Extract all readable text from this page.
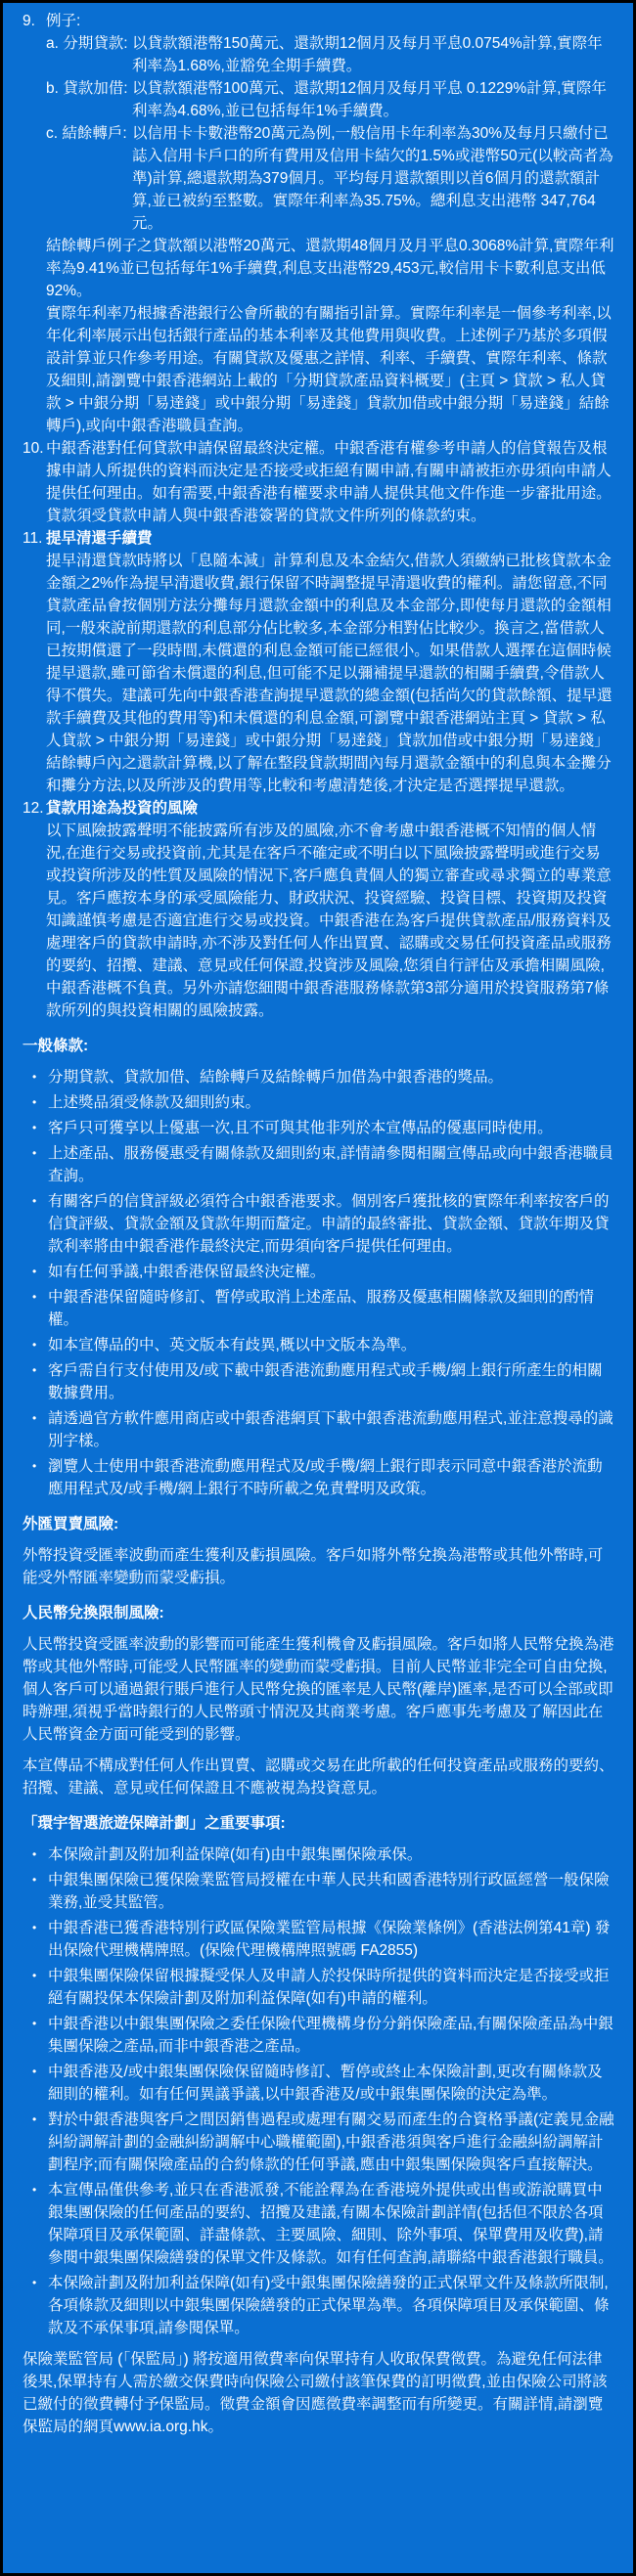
9. 例子:
a. 分期貸款: 以貸款額港幣150萬元、還款期12個月及每月平息0.0754%計算,實際年利率為1.68%,並豁免全期手續費。
b. 貸款加借: 以貸款額港幣100萬元、還款期12個月及每月平息 0.1229%計算,實際年利率為4.68%,並已包括每年1%手續費。
c. 結餘轉戶: 以信用卡卡數港幣20萬元為例,一般信用卡年利率為30%及每月只繳付已誌入信用卡戶口的所有費用及信用卡結欠的1.5%或港幣50元(以較高者為準)計算,總還款期為379個月。平均每月還款額則以首6個月的還款額計算,並已被約至整數。實際年利率為35.75%。總利息支出港幣 347,764元。
結餘轉戶例子之貸款額以港幣20萬元、還款期48個月及月平息0.3068%計算,實際年利率為9.41%並已包括每年1%手續費,利息支出港幣29,453元,較信用卡卡數利息支出低 92%。
實際年利率乃根據香港銀行公會所載的有關指引計算。實際年利率是一個參考利率,以年化利率展示出包括銀行產品的基本利率及其他費用與收費。上述例子乃基於多項假設計算並只作參考用途。有關貸款及優惠之詳情、利率、手續費、實際年利率、條款及細則,請瀏覽中銀香港網站上載的「分期貸款產品資料概要」(主頁 > 貸款 > 私人貸款 > 中銀分期「易達錢」或中銀分期「易達錢」貸款加借或中銀分期「易達錢」結餘轉戶),或向中銀香港職員查詢。
10. 中銀香港對任何貸款申請保留最終決定權。中銀香港有權參考申請人的信貸報告及根據申請人所提供的資料而決定是否接受或拒絕有關申請,有關申請被拒亦毋須向申請人提供任何理由。如有需要,中銀香港有權要求申請人提供其他文件作進一步審批用途。貸款須受貸款申請人與中銀香港簽署的貸款文件所列的條款約束。
11. 提早清還手續費
提早清還貸款時將以「息隨本減」計算利息及本金結欠,借款人須繳納已批核貸款本金金額之2%作為提早清還收費,銀行保留不時調整提早清還收費的權利。請您留意,不同貸款產品會按個別方法分攤每月還款金額中的利息及本金部分,即使每月還款的金額相同,一般來說前期還款的利息部分佔比較多,本金部分相對佔比較少。換言之,當借款人已按期償還了一段時間,未償還的利息金額可能已經很小。如果借款人選擇在這個時候提早還款,雖可節省未償還的利息,但可能不足以彌補提早還款的相關手續費,令借款人得不償失。建議可先向中銀香港查詢提早還款的總金額(包括尚欠的貸款餘額、提早還款手續費及其他的費用等)和未償還的利息金額,可瀏覽中銀香港網站主頁 > 貸款 > 私人貸款 > 中銀分期「易達錢」或中銀分期「易達錢」貸款加借或中銀分期「易達錢」結餘轉戶內之還款計算機,以了解在整段貸款期間內每月還款金額中的利息與本金攤分和攤分方法,以及所涉及的費用等,比較和考慮清楚後,才決定是否選擇提早還款。
12. 貸款用途為投資的風險
以下風險披露聲明不能披露所有涉及的風險,亦不會考慮中銀香港概不知情的個人情況,在進行交易或投資前,尤其是在客戶不確定或不明白以下風險披露聲明或進行交易或投資所涉及的性質及風險的情況下,客戶應負責個人的獨立審查或尋求獨立的專業意見。客戶應按本身的承受風險能力、財政狀況、投資經驗、投資目標、投資期及投資知識謹慎考慮是否適宜進行交易或投資。中銀香港在為客戶提供貸款產品/服務資料及處理客戶的貸款申請時,亦不涉及對任何人作出買賣、認購或交易任何投資產品或服務的要約、招攬、建議、意見或任何保證,投資涉及風險,您須自行評估及承擔相關風險,中銀香港概不負責。另外亦請您細閱中銀香港服務條款第3部分適用於投資服務第7條款所列的與投資相關的風險披露。
一般條款:
• 分期貸款、貸款加借、結餘轉戶及結餘轉戶加借為中銀香港的獎品。
• 上述獎品須受條款及細則約束。
• 客戶只可獲享以上優惠一次,且不可與其他非列於本宣傳品的優惠同時使用。
• 上述產品、服務優惠受有關條款及細則約束,詳情請參閱相關宣傳品或向中銀香港職員查詢。
• 有關客戶的信貸評級必須符合中銀香港要求。個別客戶獲批核的實際年利率按客戶的信貸評級、貸款金額及貸款年期而釐定。申請的最終審批、貸款金額、貸款年期及貸款利率將由中銀香港作最終決定,而毋須向客戶提供任何理由。
• 如有任何爭議,中銀香港保留最終決定權。
• 中銀香港保留隨時修訂、暫停或取消上述產品、服務及優惠相關條款及細則的酌情權。
• 如本宣傳品的中、英文版本有歧異,概以中文版本為準。
• 客戶需自行支付使用及/或下載中銀香港流動應用程式或手機/網上銀行所產生的相關數據費用。
• 請透過官方軟件應用商店或中銀香港網頁下載中銀香港流動應用程式,並注意搜尋的識別字樣。
• 瀏覽人士使用中銀香港流動應用程式及/或手機/網上銀行即表示同意中銀香港於流動應用程式及/或手機/網上銀行不時所載之免責聲明及政策。
外匯買賣風險:
外幣投資受匯率波動而產生獲利及虧損風險。客戶如將外幣兌換為港幣或其他外幣時,可能受外幣匯率變動而蒙受虧損。
人民幣兌換限制風險:
人民幣投資受匯率波動的影響而可能產生獲利機會及虧損風險。客戶如將人民幣兌換為港幣或其他外幣時,可能受人民幣匯率的變動而蒙受虧損。目前人民幣並非完全可自由兌換,個人客戶可以通過銀行賬戶進行人民幣兌換的匯率是人民幣(離岸)匯率,是否可以全部或即時辦理,須視乎當時銀行的人民幣頭寸情況及其商業考慮。客戶應事先考慮及了解因此在人民幣資金方面可能受到的影響。
本宣傳品不構成對任何人作出買賣、認購或交易在此所載的任何投資產品或服務的要約、招攬、建議、意見或任何保證且不應被視為投資意見。
「環宇智選旅遊保障計劃」之重要事項:
• 本保險計劃及附加利益保障(如有)由中銀集團保險承保。
• 中銀集團保險已獲保險業監管局授權在中華人民共和國香港特別行政區經營一般保險業務,並受其監管。
• 中銀香港已獲香港特別行政區保險業監管局根據《保險業條例》(香港法例第41章) 發出保險代理機構牌照。(保險代理機構牌照號碼 FA2855)
• 中銀集團保險保留根據擬受保人及申請人於投保時所提供的資料而決定是否接受或拒絕有關投保本保險計劃及附加利益保障(如有)申請的權利。
• 中銀香港以中銀集團保險之委任保險代理機構身份分銷保險產品,有關保險產品為中銀集團保險之產品,而非中銀香港之產品。
• 中銀香港及/或中銀集團保險保留隨時修訂、暫停或終止本保險計劃,更改有關條款及細則的權利。如有任何異議爭議,以中銀香港及/或中銀集團保險的決定為準。
• 對於中銀香港與客戶之間因銷售過程或處理有關交易而產生的合資格爭議(定義見金融糾紛調解計劃的金融糾紛調解中心職權範圍),中銀香港須與客戶進行金融糾紛調解計劃程序;而有關保險產品的合約條款的任何爭議,應由中銀集團保險與客戶直接解決。
• 本宣傳品僅供參考,並只在香港派發,不能詮釋為在香港境外提供或出售或游說購買中銀集團保險的任何產品的要約、招攬及建議,有關本保險計劃詳情(包括但不限於各項保障項目及承保範圍、詳盡條款、主要風險、細則、除外事項、保單費用及收費),請參閱中銀集團保險繕發的保單文件及條款。如有任何查詢,請聯絡中銀香港銀行職員。
• 本保險計劃及附加利益保障(如有)受中銀集團保險繕發的正式保單文件及條款所限制,各項條款及細則以中銀集團保險繕發的正式保單為準。各項保障項目及承保範圍、條款及不承保事項,請參閱保單。
保險業監管局 (「保監局」) 將按適用徵費率向保單持有人收取保費徵費。為避免任何法律後果,保單持有人需於繳交保費時向保險公司繳付該筆保費的訂明徵費,並由保險公司將該已繳付的徵費轉付予保監局。徵費金額會因應徵費率調整而有所變更。有關詳情,請瀏覽保監局的網頁www.ia.org.hk。
